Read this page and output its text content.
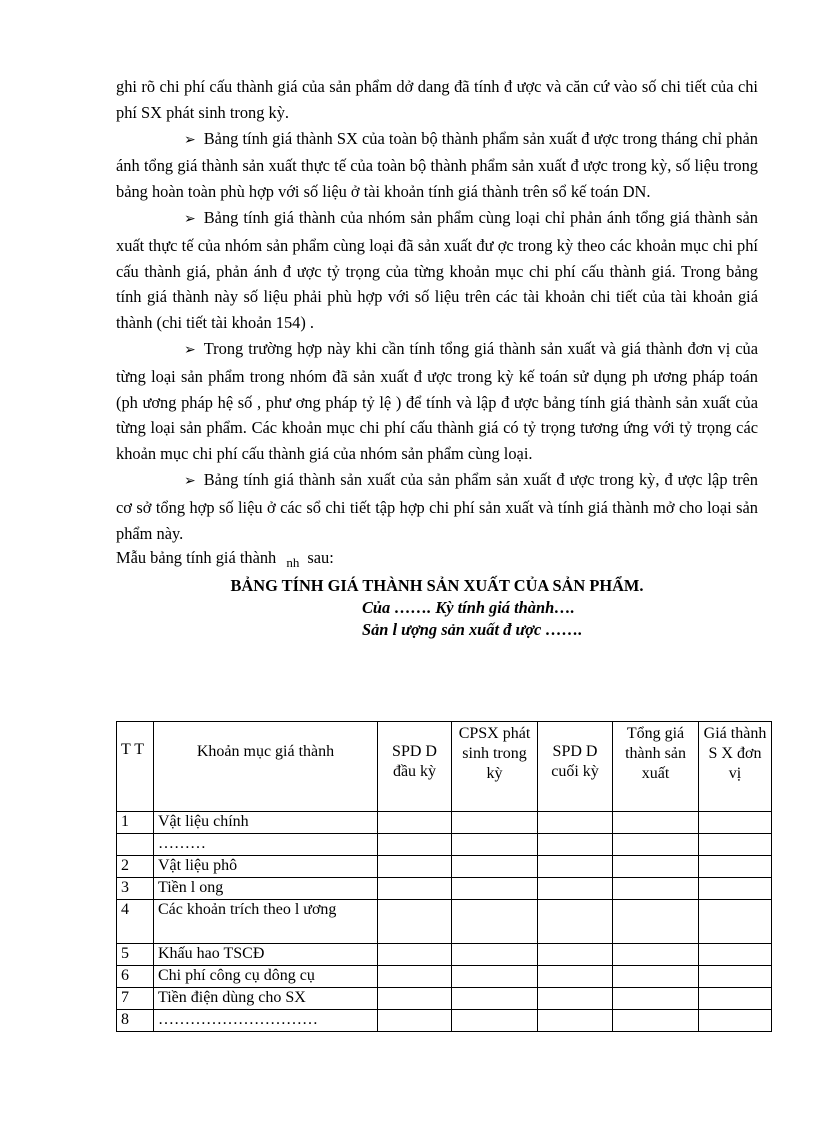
ghi rõ chi phí cấu thành giá của sản phẩm dở dang đã tính đ ược và căn cứ vào số chi tiết của chi phí SX phát sinh trong kỳ.

➢ Bảng tính giá thành SX của toàn bộ thành phẩm sản xuất đ ược trong tháng chỉ phản ánh tổng giá thành sản xuất thực tế của toàn bộ thành phẩm sản xuất đ ược trong kỳ, số liệu trong bảng hoàn toàn phù hợp với số liệu ở tài khoản tính giá thành trên sổ kế toán DN.

➢ Bảng tính giá thành của nhóm sản phẩm cùng loại chỉ phản ánh tổng giá thành sản xuất thực tế của nhóm sản phẩm cùng loại đã sản xuất đư ợc trong kỳ theo các khoản mục chi phí cấu thành giá, phản ánh đ ược tỷ trọng của từng khoản mục chi phí cấu thành giá. Trong bảng tính giá thành này số liệu phải phù hợp với số liệu trên các tài khoản chi tiết của tài khoản giá thành (chi tiết tài khoản 154) .

➢ Trong trường hợp này khi cần tính tổng giá thành sản xuất và giá thành đơn vị của từng loại sản phẩm trong nhóm đã sản xuất đ ược trong kỳ kế toán sử dụng ph ương pháp toán (ph ương pháp hệ số , phư ơng pháp tỷ lệ ) để tính và lập đ ược bảng tính giá thành sản xuất của từng loại sản phẩm. Các khoản mục chi phí cấu thành giá có tỷ trọng tương ứng với tỷ trọng các khoản mục chi phí cấu thành giá của nhóm sản phẩm cùng loại.

➢ Bảng tính giá thành sản xuất của sản phẩm sản xuất đ ược trong kỳ, đ ược lập trên cơ sở tổng hợp số liệu ở các sổ chi tiết tập hợp chi phí sản xuất và tính giá thành mở cho loại sản phẩm này.

Mẫu bảng tính giá thành $_{nh}$ sau:

BẢNG TÍNH GIÁ THÀNH SẢN XUẤT CỦA SẢN PHẨM.

Của ……. Kỳ tính giá thành….

Sản l ượng sản xuất đ ược …….

T T	Khoản mục giá thành	SPD D đầu kỳ	CPSX phát sinh trong kỳ	SPD D cuối kỳ	Tổng giá thành sản xuất	Giá thành S X đơn vị
1	Vật liệu chính					
	………					
2	Vật liệu phô					
3	Tiền l ong					
4	Các khoản trích theo l ương					
5	Khấu hao TSCĐ					
6	Chi phí công cụ dông cụ					
7	Tiền điện dùng cho SX					
8	…………………………					
